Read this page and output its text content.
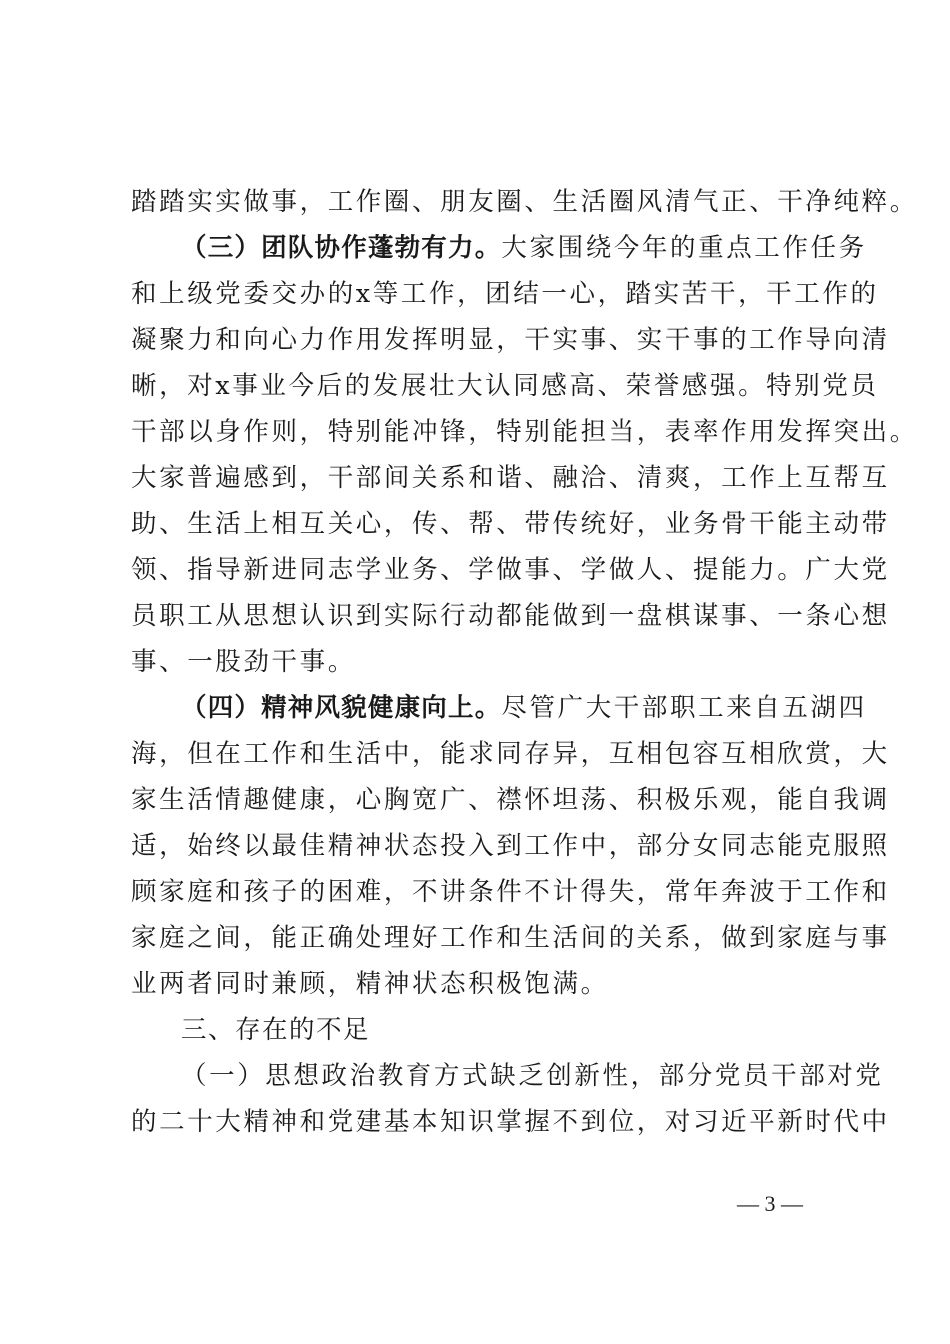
踏踏实实做事，工作圈、朋友圈、生活圈风清气正、干净纯粹。
（三）团队协作蓬勃有力。大家围绕今年的重点工作任务
和上级党委交办的x等工作，团结一心，踏实苦干，干工作的
凝聚力和向心力作用发挥明显，干实事、实干事的工作导向清
晰，对x事业今后的发展壮大认同感高、荣誉感强。特别党员
干部以身作则，特别能冲锋，特别能担当，表率作用发挥突出。
大家普遍感到，干部间关系和谐、融洽、清爽，工作上互帮互
助、生活上相互关心，传、帮、带传统好，业务骨干能主动带
领、指导新进同志学业务、学做事、学做人、提能力。广大党
员职工从思想认识到实际行动都能做到一盘棋谋事、一条心想
事、一股劲干事。
（四）精神风貌健康向上。尽管广大干部职工来自五湖四
海，但在工作和生活中，能求同存异，互相包容互相欣赏，大
家生活情趣健康，心胸宽广、襟怀坦荡、积极乐观，能自我调
适，始终以最佳精神状态投入到工作中，部分女同志能克服照
顾家庭和孩子的困难，不讲条件不计得失，常年奔波于工作和
家庭之间，能正确处理好工作和生活间的关系，做到家庭与事
业两者同时兼顾，精神状态积极饱满。
三、存在的不足
（一）思想政治教育方式缺乏创新性，部分党员干部对党
的二十大精神和党建基本知识掌握不到位，对习近平新时代中
— 3 —
